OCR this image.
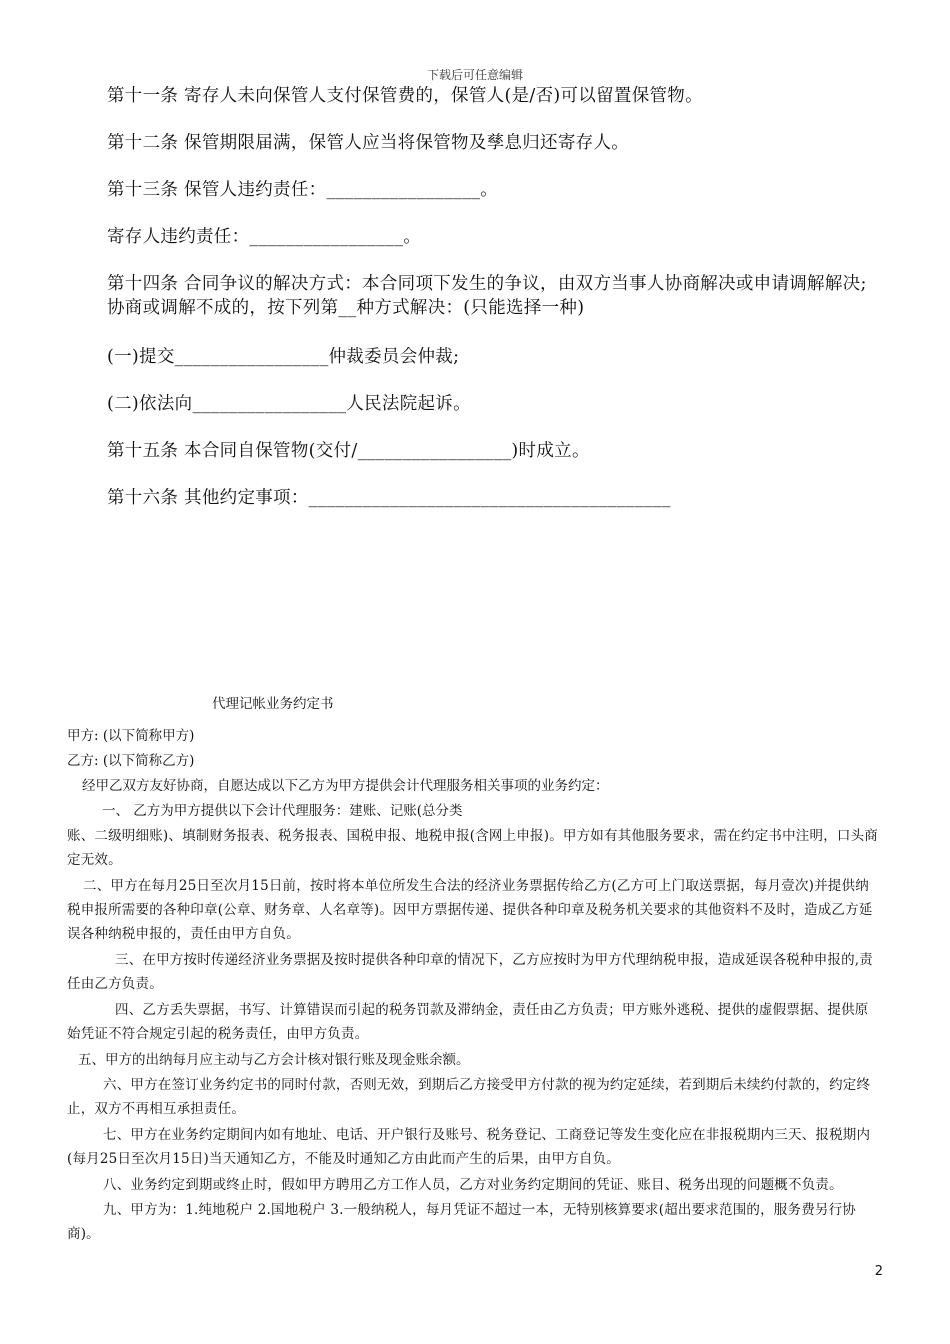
下载后可任意编辑
第十一条 寄存人未向保管人支付保管费的，保管人(是/否)可以留置保管物。
第十二条 保管期限届满，保管人应当将保管物及孳息归还寄存人。
第十三条 保管人违约责任：_________________。
寄存人违约责任：_________________。
第十四条 合同争议的解决方式：本合同项下发生的争议，由双方当事人协商解决或申请调解解决;协商或调解不成的，按下列第__种方式解决：(只能选择一种)
(一)提交_________________仲裁委员会仲裁;
(二)依法向_________________人民法院起诉。
第十五条 本合同自保管物(交付/_________________)时成立。
第十六条 其他约定事项：________________________________________
代理记帐业务约定书
甲方: (以下简称甲方)
乙方: (以下简称乙方)
经甲乙双方友好协商，自愿达成以下乙方为甲方提供会计代理服务相关事项的业务约定：
一、 乙方为甲方提供以下会计代理服务：建账、记账(总分类
账、二级明细账)、填制财务报表、税务报表、国税申报、地税申报(含网上申报)。甲方如有其他服务要求，需在约定书中注明，口头商定无效。
二、甲方在每月25日至次月15日前，按时将本单位所发生合法的经济业务票据传给乙方(乙方可上门取送票据，每月壹次)并提供纳税申报所需要的各种印章(公章、财务章、人名章等)。因甲方票据传递、提供各种印章及税务机关要求的其他资料不及时，造成乙方延误各种纳税申报的，责任由甲方自负。
三、在甲方按时传递经济业务票据及按时提供各种印章的情况下，乙方应按时为甲方代理纳税申报，造成延误各税种申报的,责任由乙方负责。
四、乙方丢失票据，书写、计算错误而引起的税务罚款及滞纳金，责任由乙方负责；甲方账外逃税、提供的虚假票据、提供原始凭证不符合规定引起的税务责任，由甲方负责。
五、甲方的出纳每月应主动与乙方会计核对银行账及现金账余额。
六、甲方在签订业务约定书的同时付款，否则无效，到期后乙方接受甲方付款的视为约定延续，若到期后未续约付款的，约定终止，双方不再相互承担责任。
七、甲方在业务约定期间内如有地址、电话、开户银行及账号、税务登记、工商登记等发生变化应在非报税期内三天、报税期内(每月25日至次月15日)当天通知乙方，不能及时通知乙方由此而产生的后果，由甲方自负。
八、业务约定到期或终止时，假如甲方聘用乙方工作人员，乙方对业务约定期间的凭证、账目、税务出现的问题概不负责。
九、甲方为：1.纯地税户 2.国地税户 3.一般纳税人，每月凭证不超过一本，无特别核算要求(超出要求范围的，服务费另行协商)。
2
